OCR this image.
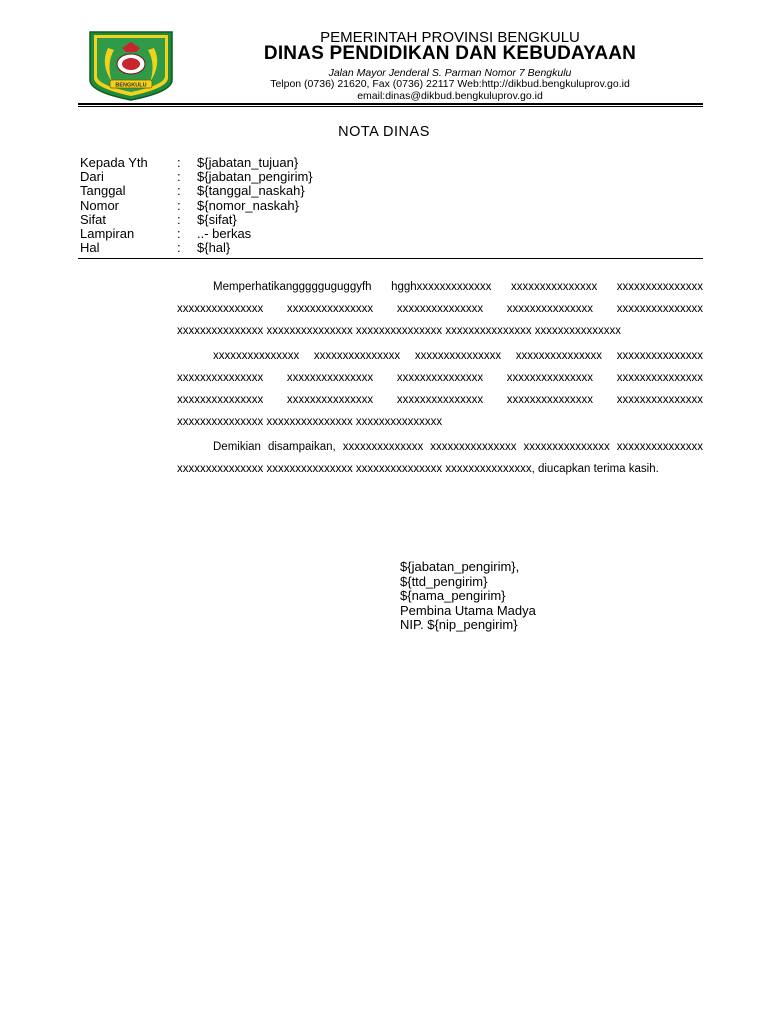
BENGKULU
PEMERINTAH PROVINSI BENGKULU
DINAS PENDIDIKAN DAN KEBUDAYAAN
Jalan Mayor Jenderal S. Parman Nomor 7 Bengkulu
Telpon (0736) 21620, Fax (0736) 22117 Web:http://dikbud.bengkuluprov.go.id
email:dinas@dikbud.bengkuluprov.go.id
NOTA DINAS
Kepada Yth : ${jabatan_tujuan}
Dari	: ${jabatan_pengirim}
Tanggal	: ${tanggal_naskah}
Nomor	: ${nomor_naskah}
Sifat	: ${sifat}
Lampiran	: ..- berkas
Hal	: ${hal}

Memperhatikanggggguguggyfh hgghxxxxxxxxxxxxx xxxxxxxxxxxxxxx xxxxxxxxxxxxxxx xxxxxxxxxxxxxxx xxxxxxxxxxxxxxx xxxxxxxxxxxxxxx xxxxxxxxxxxxxxx xxxxxxxxxxxxxxx xxxxxxxxxxxxxxx xxxxxxxxxxxxxxx xxxxxxxxxxxxxxx xxxxxxxxxxxxxxx xxxxxxxxxxxxxxx

xxxxxxxxxxxxxxx xxxxxxxxxxxxxxx xxxxxxxxxxxxxxx xxxxxxxxxxxxxxx xxxxxxxxxxxxxxx xxxxxxxxxxxxxxx xxxxxxxxxxxxxxx xxxxxxxxxxxxxxx xxxxxxxxxxxxxxx xxxxxxxxxxxxxxx xxxxxxxxxxxxxxx xxxxxxxxxxxxxxx xxxxxxxxxxxxxxx xxxxxxxxxxxxxxx xxxxxxxxxxxxxxx xxxxxxxxxxxxxxx xxxxxxxxxxxxxxx xxxxxxxxxxxxxxx

Demikian disampaikan, xxxxxxxxxxxxxx xxxxxxxxxxxxxxx xxxxxxxxxxxxxxx xxxxxxxxxxxxxxx xxxxxxxxxxxxxxx xxxxxxxxxxxxxxx xxxxxxxxxxxxxxx xxxxxxxxxxxxxxx, diucapkan terima kasih.

${jabatan_pengirim},
${ttd_pengirim}
${nama_pengirim}
Pembina Utama Madya
NIP. ${nip_pengirim}
